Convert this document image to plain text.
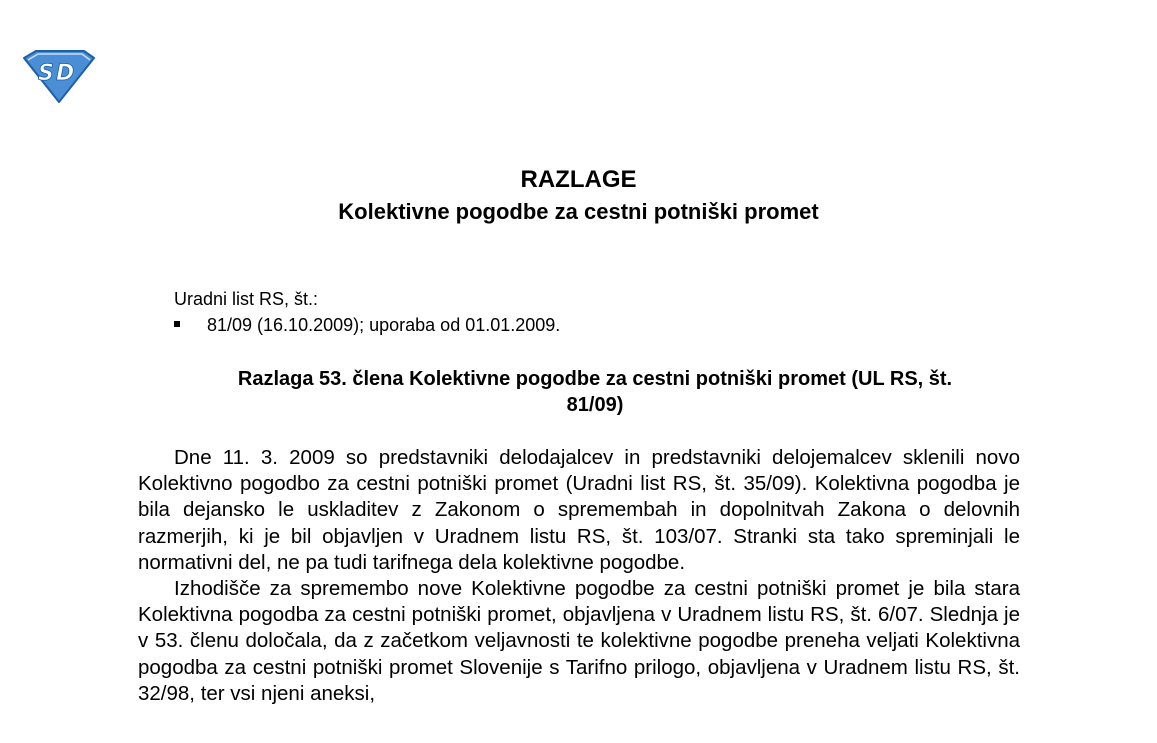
S D
RAZLAGE
Kolektivne pogodbe za cestni potniški promet
Uradni list RS, št.:
81/09 (16.10.2009); uporaba od 01.01.2009.
Razlaga 53. člena Kolektivne pogodbe za cestni potniški promet (UL RS, št.
81/09)

Dne 11. 3. 2009 so predstavniki delodajalcev in predstavniki delojemalcev sklenili novo Kolektivno pogodbo za cestni potniški promet (Uradni list RS, št. 35/09). Kolektivna pogodba je bila dejansko le uskladitev z Zakonom o spremembah in dopolnitvah Zakona o delovnih razmerjih, ki je bil objavljen v Uradnem listu RS, št. 103/07. Stranki sta tako spreminjali le normativni del, ne pa tudi tarifnega dela kolektivne pogodbe.

Izhodišče za spremembo nove Kolektivne pogodbe za cestni potniški promet je bila stara Kolektivna pogodba za cestni potniški promet, objavljena v Uradnem listu RS, št. 6/07. Slednja je v 53. členu določala, da z začetkom veljavnosti te kolektivne pogodbe preneha veljati Kolektivna pogodba za cestni potniški promet Slovenije s Tarifno prilogo, objavljena v Uradnem listu RS, št. 32/98, ter vsi njeni aneksi,
